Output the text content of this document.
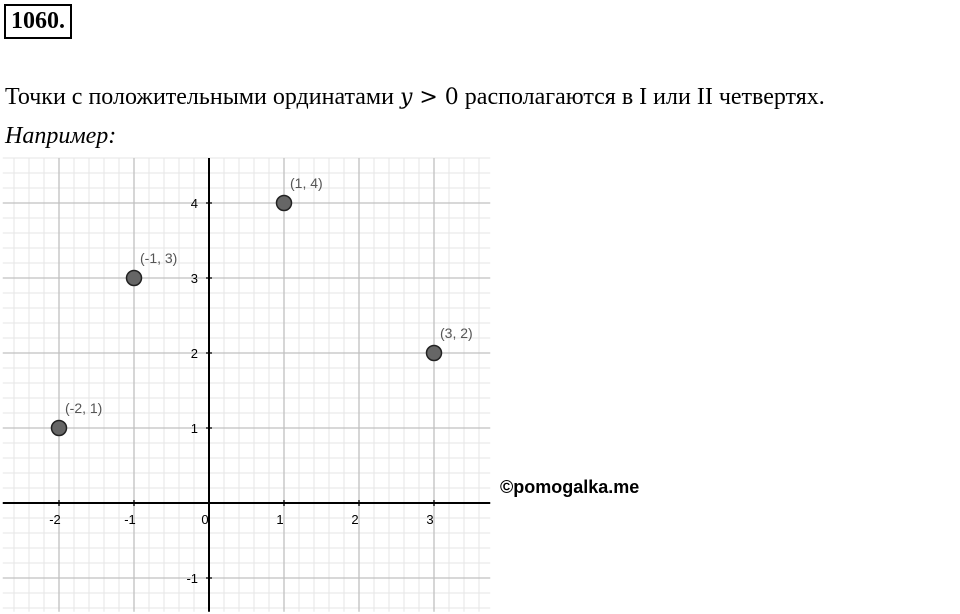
1060.
Точки с положительными ординатами y > 0 располагаются в I или II четвертях.
Например:
-2	-1	0	1	2	3
-1
1
2
3
4
(-2, 1)
(-1, 3)
(1, 4)
(3, 2)
©pomogalka.me
